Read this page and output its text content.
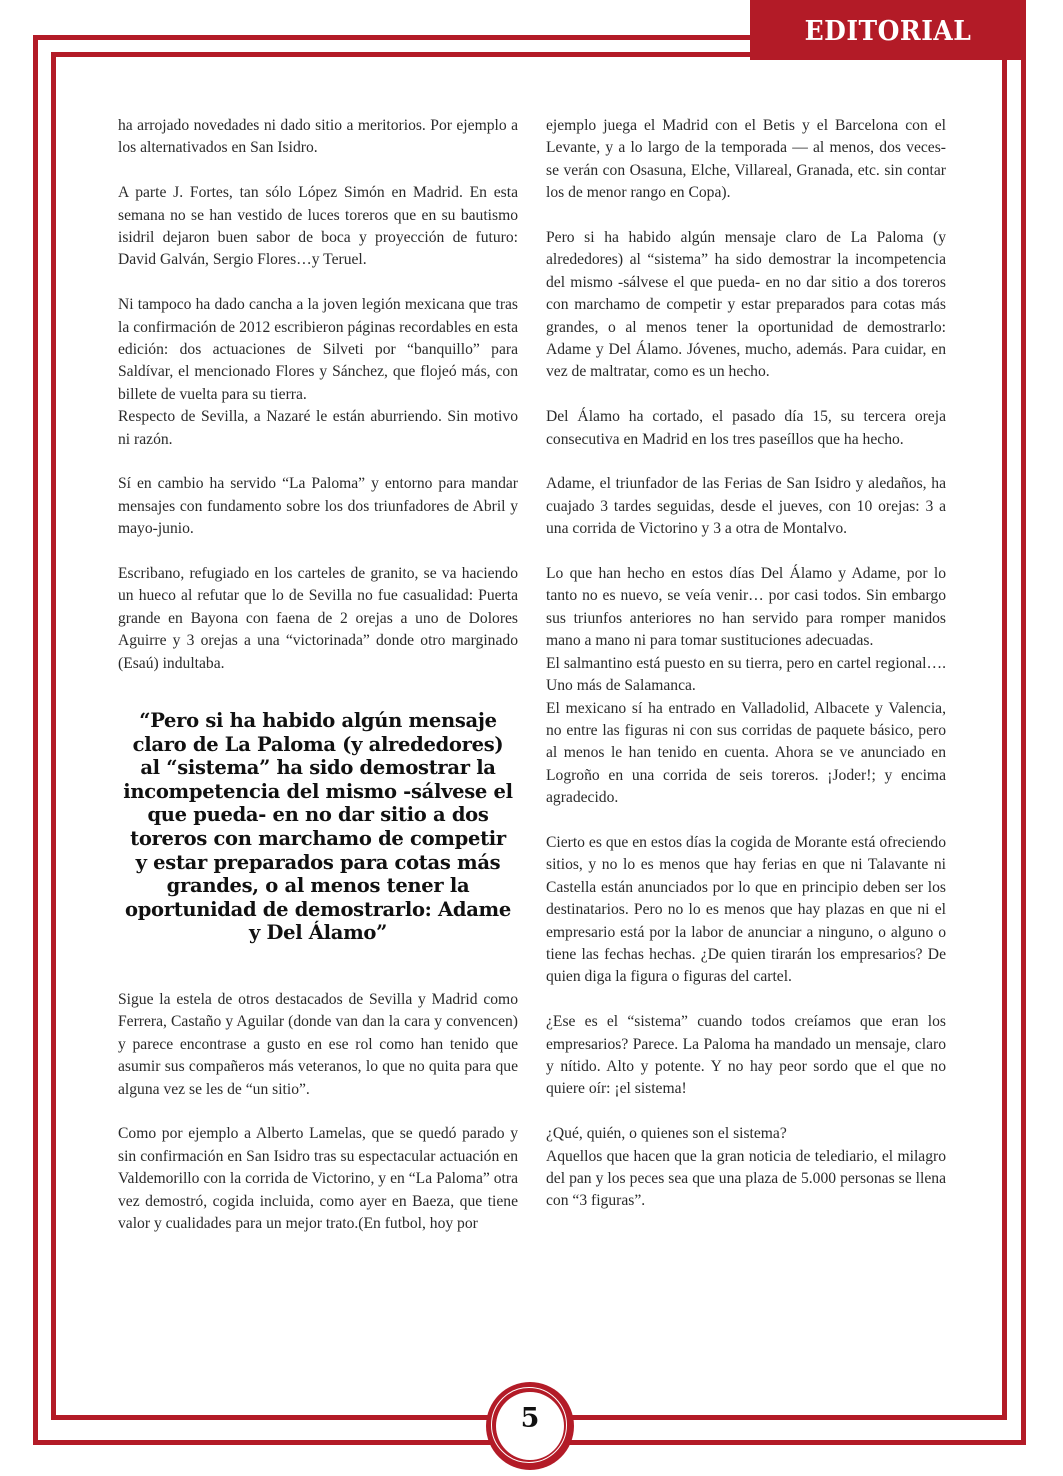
EDITORIAL

ha arrojado novedades ni dado sitio a meritorios. Por ejemplo a los alternativados en San Isidro.

A parte J. Fortes, tan sólo López Simón en Madrid. En esta semana no se han vestido de luces toreros que en su bautismo isidril dejaron buen sabor de boca y proyección de futuro: David Galván, Sergio Flores…y Teruel.

Ni tampoco ha dado cancha a la joven legión mexicana que tras la confirmación de 2012 escribieron páginas recordables en esta edición: dos actuaciones de Silveti por “banquillo” para Saldívar, el mencionado Flores y Sánchez, que flojeó más, con billete de vuelta para su tierra.

Respecto de Sevilla, a Nazaré le están aburriendo. Sin motivo ni razón.

Sí en cambio ha servido “La Paloma” y entorno para mandar mensajes con fundamento sobre los dos triunfadores de Abril y mayo-junio.

Escribano, refugiado en los carteles de granito, se va haciendo un hueco al refutar que lo de Sevilla no fue casualidad: Puerta grande en Bayona con faena de 2 orejas a uno de Dolores Aguirre y 3 orejas a una “victorinada” donde otro marginado (Esaú) indultaba.

“Pero si ha habido algún mensaje claro de La Paloma (y alrededores) al “sistema” ha sido demostrar la incompetencia del mismo -sálvese el que pueda- en no dar sitio a dos toreros con marchamo de competir y estar preparados para cotas más grandes, o al menos tener la oportunidad de demostrarlo: Adame y Del Álamo”

Sigue la estela de otros destacados de Sevilla y Madrid como Ferrera, Castaño y Aguilar (donde van dan la cara y convencen) y parece encontrase a gusto en ese rol como han tenido que asumir sus compañeros más veteranos, lo que no quita para que alguna vez se les de “un sitio”.

Como por ejemplo a Alberto Lamelas, que se quedó parado y sin confirmación en San Isidro tras su espectacular actuación en Valdemorillo con la corrida de Victorino, y en “La Paloma” otra vez demostró, cogida incluida, como ayer en Baeza, que tiene valor y cualidades para un mejor trato.(En futbol, hoy por

ejemplo juega el Madrid con el Betis y el Barcelona con el Levante, y a lo largo de la temporada — al menos, dos veces- se verán con Osasuna, Elche, Villareal, Granada, etc. sin contar los de menor rango en Copa).

Pero si ha habido algún mensaje claro de La Paloma (y alrededores) al “sistema” ha sido demostrar la incompetencia del mismo -sálvese el que pueda- en no dar sitio a dos toreros con marchamo de competir y estar preparados para cotas más grandes, o al menos tener la oportunidad de demostrarlo: Adame y Del Álamo. Jóvenes, mucho, además. Para cuidar, en vez de maltratar, como es un hecho.

Del Álamo ha cortado, el pasado día 15, su tercera oreja consecutiva en Madrid en los tres paseíllos que ha hecho.

Adame, el triunfador de las Ferias de San Isidro y aledaños, ha cuajado 3 tardes seguidas, desde el jueves, con 10 orejas: 3 a una corrida de Victorino y 3 a otra de Montalvo.

Lo que han hecho en estos días Del Álamo y Adame, por lo tanto no es nuevo, se veía venir… por casi todos. Sin embargo sus triunfos anteriores no han servido para romper manidos mano a mano ni para tomar sustituciones adecuadas.

El salmantino está puesto en su tierra, pero en cartel regional…. Uno más de Salamanca.

El mexicano sí ha entrado en Valladolid, Albacete y Valencia, no entre las figuras ni con sus corridas de paquete básico, pero al menos le han tenido en cuenta. Ahora se ve anunciado en Logroño en una corrida de seis toreros. ¡Joder!; y encima agradecido.

Cierto es que en estos días la cogida de Morante está ofreciendo sitios, y no lo es menos que hay ferias en que ni Talavante ni Castella están anunciados por lo que en principio deben ser los destinatarios. Pero no lo es menos que hay plazas en que ni el empresario está por la labor de anunciar a ninguno, o alguno o tiene las fechas hechas. ¿De quien tirarán los empresarios? De quien diga la figura o figuras del cartel.

¿Ese es el “sistema” cuando todos creíamos que eran los empresarios? Parece. La Paloma ha mandado un mensaje, claro y nítido. Alto y potente. Y no hay peor sordo que el que no quiere oír: ¡el sistema!

¿Qué, quién, o quienes son el sistema?

Aquellos que hacen que la gran noticia de telediario, el milagro del pan y los peces sea que una plaza de 5.000 personas se llena con “3 figuras”.

5
